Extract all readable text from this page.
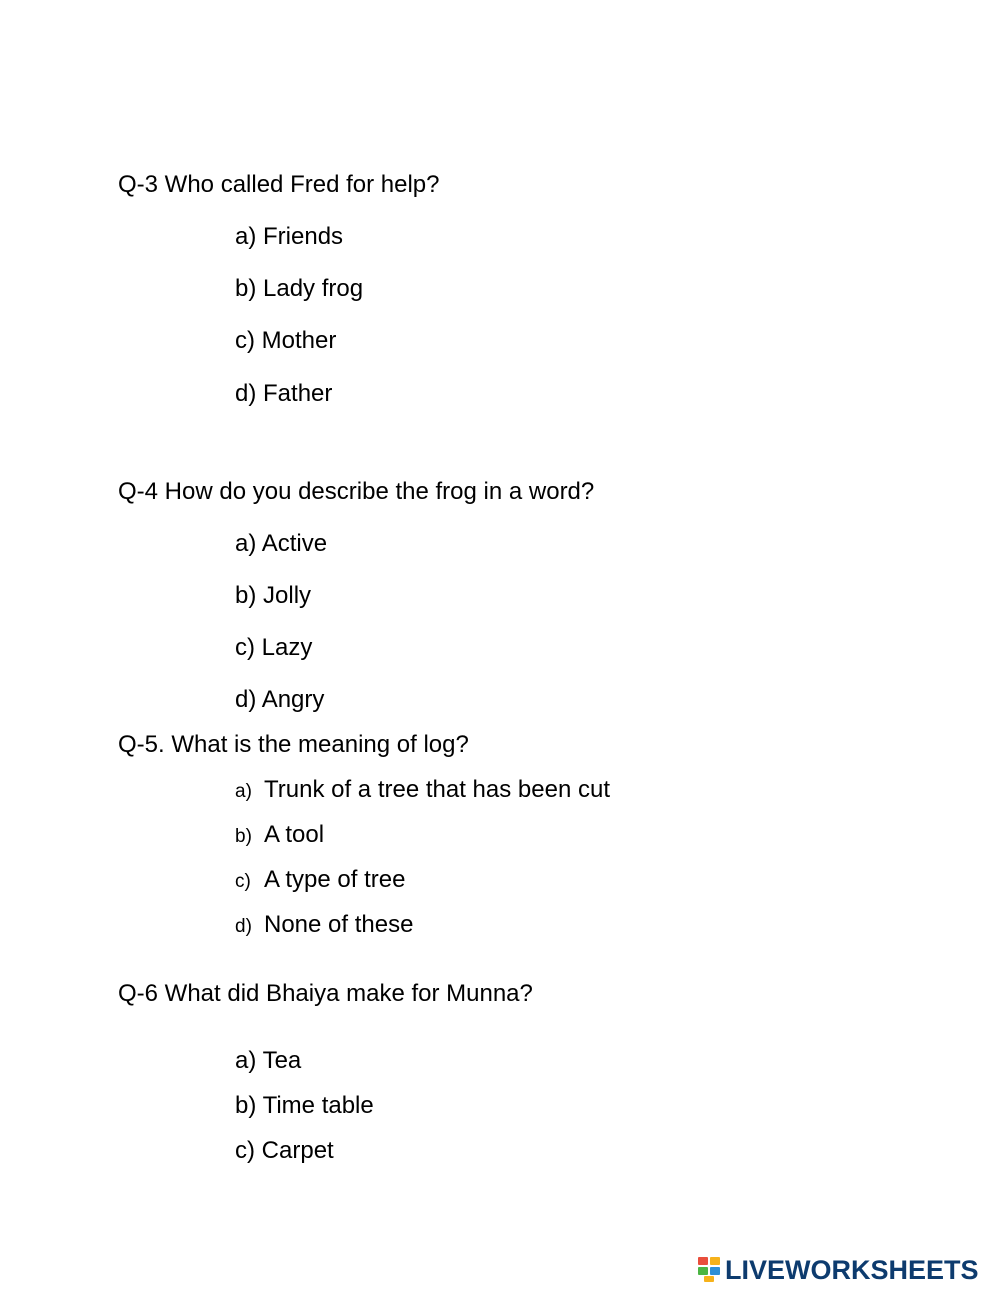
Q-3 Who called Fred for help?
a) Friends
b) Lady frog
c) Mother
d) Father
Q-4 How do you describe the frog in a word?
a) Active
b) Jolly
c) Lazy
d) Angry
Q-5. What is the meaning of log?
a) Trunk of a tree that has been cut
b) A tool
c) A type of tree
d) None of these
Q-6 What did Bhaiya make for Munna?
a) Tea
b) Time table
c) Carpet
LIVEWORKSHEETS
